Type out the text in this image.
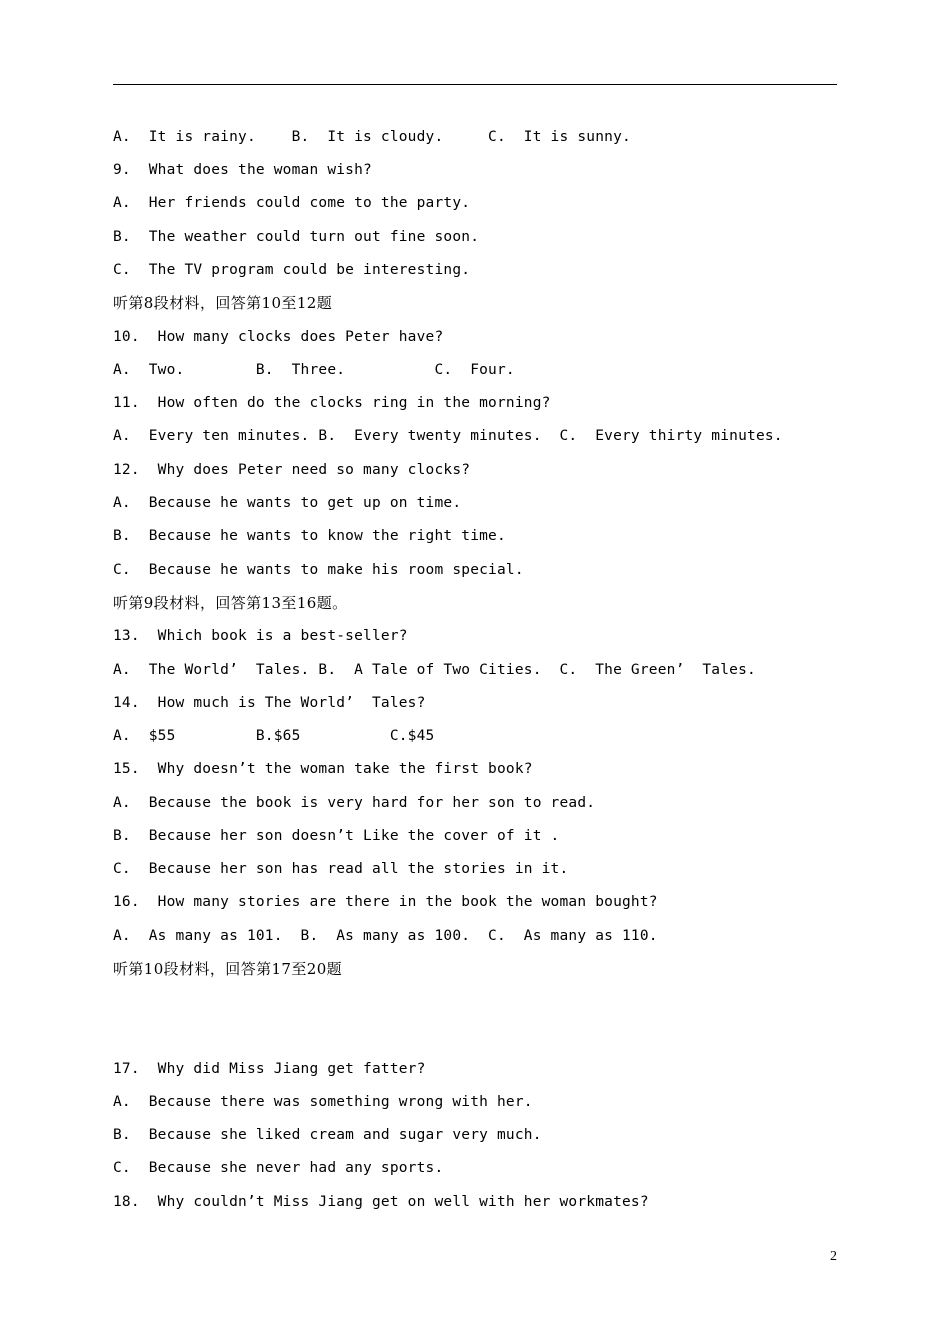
A.  It is rainy.    B.  It is cloudy.     C.  It is sunny.
9.  What does the woman wish?
A.  Her friends could come to the party.
B.  The weather could turn out fine soon.
C.  The TV program could be interesting.
听第8段材料，回答第10至12题
10.  How many clocks does Peter have?
A.  Two.        B.  Three.          C.  Four.
11.  How often do the clocks ring in the morning?
A.  Every ten minutes. B.  Every twenty minutes.  C.  Every thirty minutes.
12.  Why does Peter need so many clocks?
A.  Because he wants to get up on time.
B.  Because he wants to know the right time.
C.  Because he wants to make his room special.
听第9段材料，回答第13至16题。
13.  Which book is a best-seller?
A.  The World’  Tales. B.  A Tale of Two Cities.  C.  The Green’  Tales.
14.  How much is The World’  Tales?
A.  $55         B.$65          C.$45
15.  Why doesn’t the woman take the first book?
A.  Because the book is very hard for her son to read.
B.  Because her son doesn’t Like the cover of it .
C.  Because her son has read all the stories in it.
16.  How many stories are there in the book the woman bought?
A.  As many as 101.  B.  As many as 100.  C.  As many as 110.
听第10段材料，回答第17至20题
17.  Why did Miss Jiang get fatter?
A.  Because there was something wrong with her.
B.  Because she liked cream and sugar very much.
C.  Because she never had any sports.
18.  Why couldn’t Miss Jiang get on well with her workmates?
2
